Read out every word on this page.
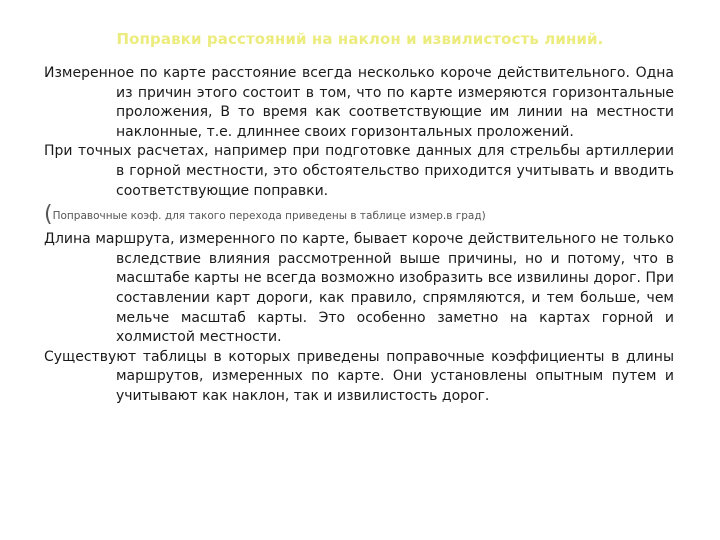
Поправки расстояний на наклон и извилистость линий.

Измеренное по карте расстояние всегда несколько короче действительного. Одна из причин этого состоит в том, что по карте измеряются горизонтальные проложения, В то время как соответствующие им линии на местности наклонные, т.е. длиннее своих горизонтальных проложений.

При точных расчетах, например при подготовке данных для стрельбы артиллерии в горной местности, это обстоятельство приходится учитывать и вводить соответствующие поправки.

(Поправочные коэф. для такого перехода приведены в таблице измер.в град)

Длина маршрута, измеренного по карте, бывает короче действительного не только вследствие влияния рассмотренной выше причины, но и потому, что в масштабе карты не всегда возможно изобразить все извилины дорог. При составлении карт дороги, как правило, спрямляются, и тем больше, чем мельче масштаб карты. Это особенно заметно на картах горной и холмистой местности.

Существуют таблицы в которых приведены поправочные коэффициенты в длины маршрутов, измеренных по карте. Они установлены опытным путем и учитывают как наклон, так и извилистость дорог.
